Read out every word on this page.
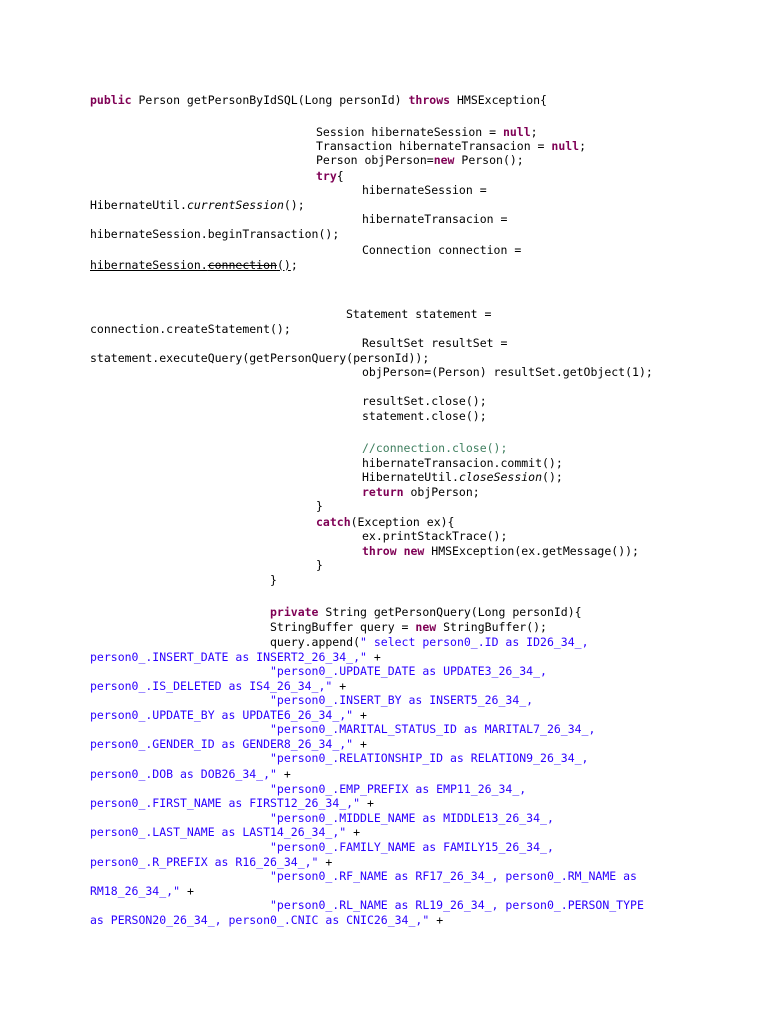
public Person getPersonByIdSQL(Long personId) throws HMSException{
Session hibernateSession = null;
Transaction hibernateTransacion = null;
Person objPerson=new Person();
try{
hibernateSession =
HibernateUtil.currentSession();
hibernateTransacion =
hibernateSession.beginTransaction();
Connection connection =
hibernateSession.connection();
Statement statement =
connection.createStatement();
ResultSet resultSet =
statement.executeQuery(getPersonQuery(personId));
objPerson=(Person) resultSet.getObject(1);
resultSet.close();
statement.close();
//connection.close();
hibernateTransacion.commit();
HibernateUtil.closeSession();
return objPerson;
}
catch(Exception ex){
ex.printStackTrace();
throw new HMSException(ex.getMessage());
}
}
private String getPersonQuery(Long personId){
StringBuffer query = new StringBuffer();
query.append(" select person0_.ID as ID26_34_,
person0_.INSERT_DATE as INSERT2_26_34_," +
"person0_.UPDATE_DATE as UPDATE3_26_34_,
person0_.IS_DELETED as IS4_26_34_," +
"person0_.INSERT_BY as INSERT5_26_34_,
person0_.UPDATE_BY as UPDATE6_26_34_," +
"person0_.MARITAL_STATUS_ID as MARITAL7_26_34_,
person0_.GENDER_ID as GENDER8_26_34_," +
"person0_.RELATIONSHIP_ID as RELATION9_26_34_,
person0_.DOB as DOB26_34_," +
"person0_.EMP_PREFIX as EMP11_26_34_,
person0_.FIRST_NAME as FIRST12_26_34_," +
"person0_.MIDDLE_NAME as MIDDLE13_26_34_,
person0_.LAST_NAME as LAST14_26_34_," +
"person0_.FAMILY_NAME as FAMILY15_26_34_,
person0_.R_PREFIX as R16_26_34_," +
"person0_.RF_NAME as RF17_26_34_, person0_.RM_NAME as
RM18_26_34_," +
"person0_.RL_NAME as RL19_26_34_, person0_.PERSON_TYPE
as PERSON20_26_34_, person0_.CNIC as CNIC26_34_," +
